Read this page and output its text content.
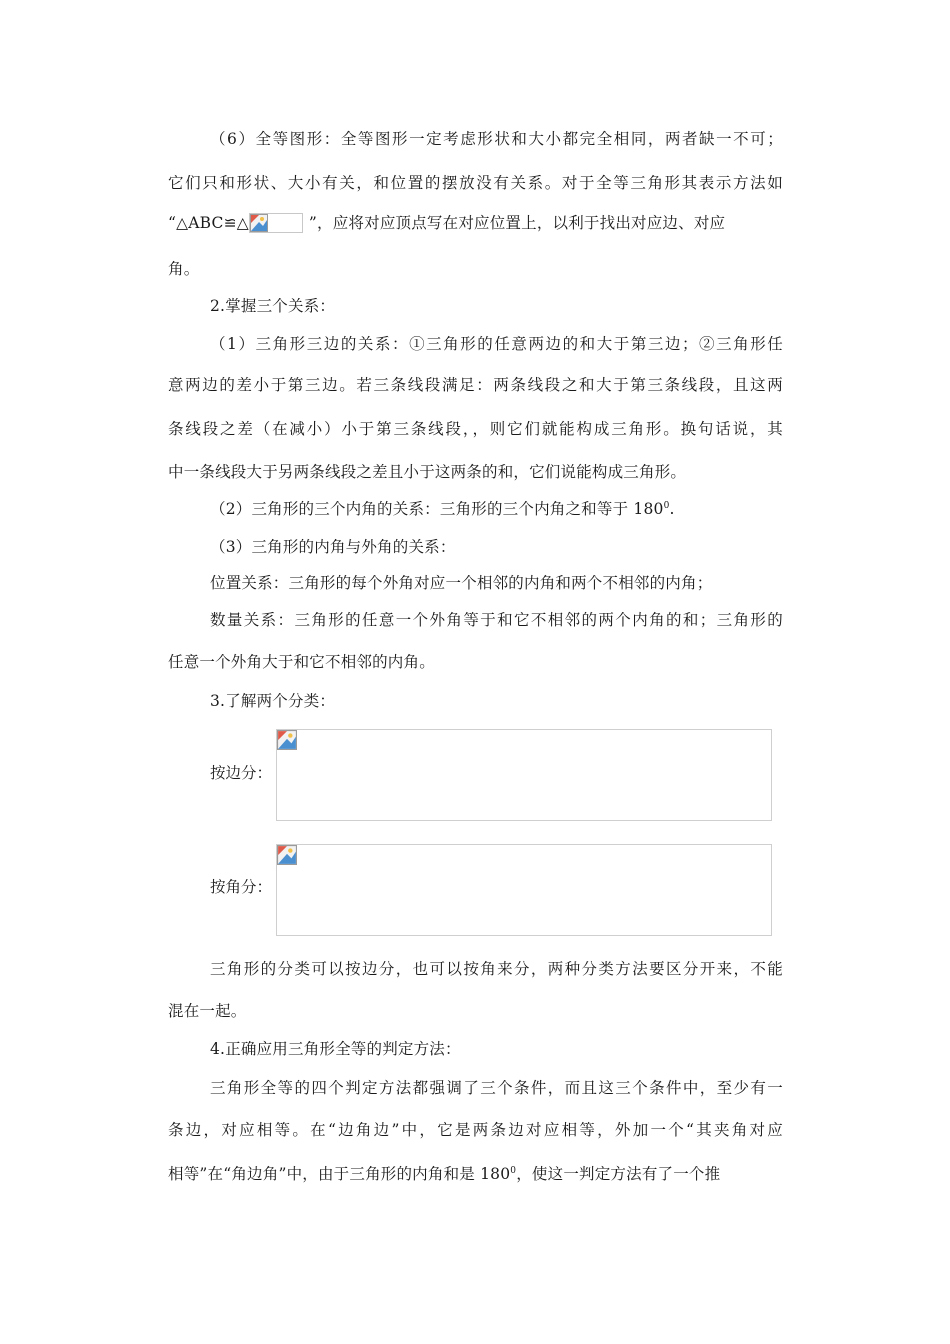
（6）全等图形：全等图形一定考虑形状和大小都完全相同，两者缺一不可；
它们只和形状、大小有关，和位置的摆放没有关系。对于全等三角形其表示方法如
“△ABC≌△	”，应将对应顶点写在对应位置上，以利于找出对应边、对应
角。
2.掌握三个关系：
（1）三角形三边的关系：①三角形的任意两边的和大于第三边；②三角形任
意两边的差小于第三边。若三条线段满足：两条线段之和大于第三条线段，且这两
条线段之差（在减小）小于第三条线段，，则它们就能构成三角形。换句话说，其
中一条线段大于另两条线段之差且小于这两条的和，它们说能构成三角形。
（2）三角形的三个内角的关系：三角形的三个内角之和等于 $180^0$.
（3）三角形的内角与外角的关系：
位置关系：三角形的每个外角对应一个相邻的内角和两个不相邻的内角；
数量关系：三角形的任意一个外角等于和它不相邻的两个内角的和；三角形的
任意一个外角大于和它不相邻的内角。
3.了解两个分类：
按边分：
按角分：
三角形的分类可以按边分，也可以按角来分，两种分类方法要区分开来，不能
混在一起。
4.正确应用三角形全等的判定方法：
三角形全等的四个判定方法都强调了三个条件，而且这三个条件中，至少有一
条边，对应相等。在“边角边”中，它是两条边对应相等，外加一个“其夹角对应
相等”在“角边角”中，由于三角形的内角和是 $180^0$，使这一判定方法有了一个推
